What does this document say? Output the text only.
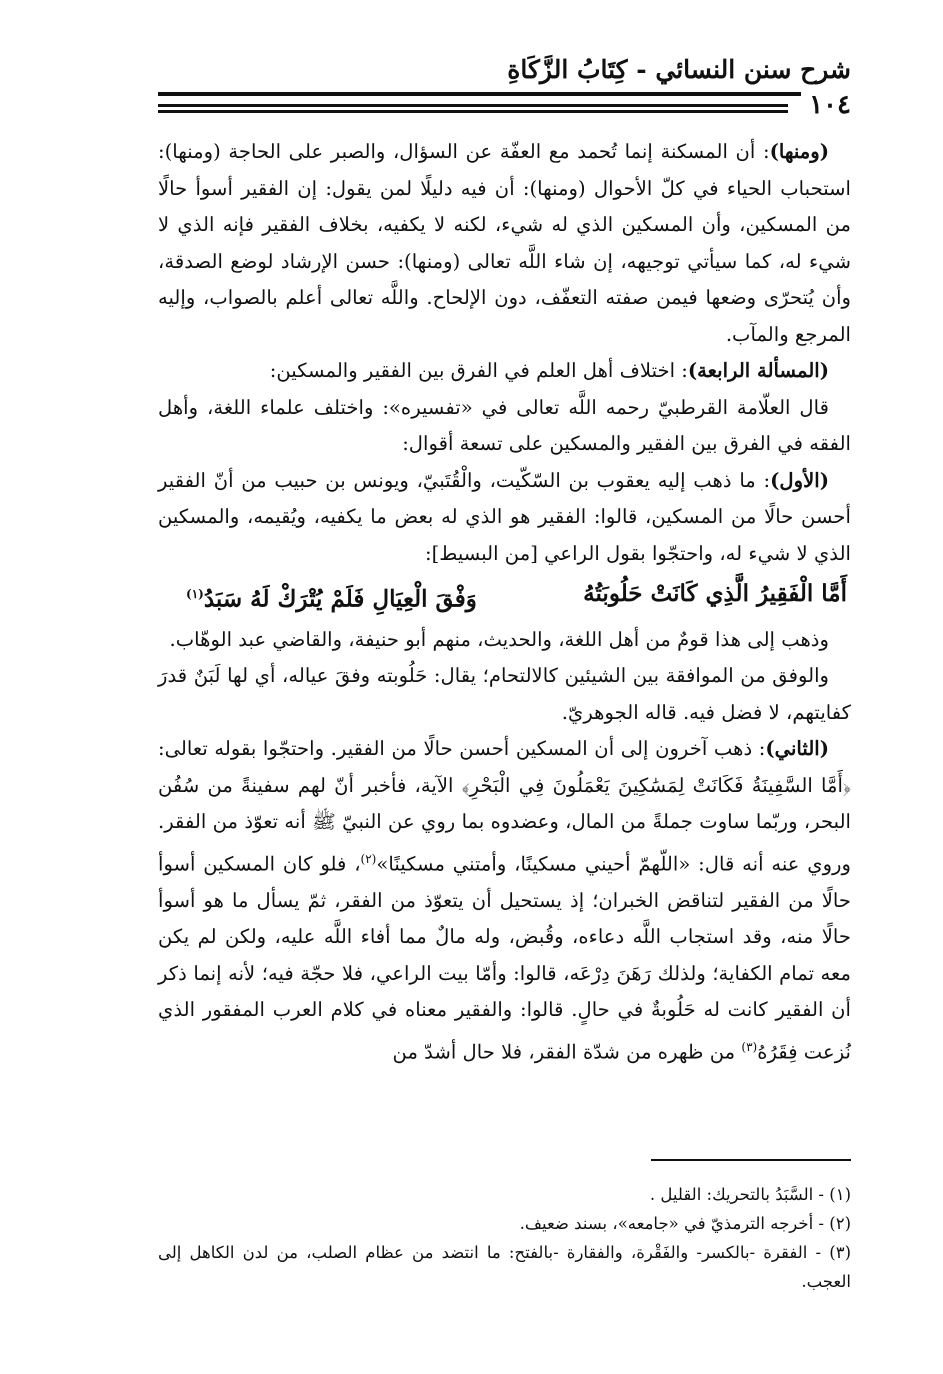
شرح سنن النسائي - كِتَابُ الزَّكَاةِ
١٠٤

(ومنها): أن المسكنة إنما تُحمد مع العفّة عن السؤال، والصبر على الحاجة (ومنها): استحباب الحياء في كلّ الأحوال (ومنها): أن فيه دليلًا لمن يقول: إن الفقير أسوأ حالًا من المسكين، وأن المسكين الذي له شيء، لكنه لا يكفيه، بخلاف الفقير فإنه الذي لا شيء له، كما سيأتي توجيهه، إن شاء اللَّه تعالى (ومنها): حسن الإرشاد لوضع الصدقة، وأن يُتحرّى وضعها فيمن صفته التعفّف، دون الإلحاح. واللَّه تعالى أعلم بالصواب، وإليه المرجع والمآب.

(المسألة الرابعة): اختلاف أهل العلم في الفرق بين الفقير والمسكين:

قال العلّامة القرطبيّ رحمه اللَّه تعالى في «تفسيره»: واختلف علماء اللغة، وأهل الفقه في الفرق بين الفقير والمسكين على تسعة أقوال:

(الأول): ما ذهب إليه يعقوب بن السّكّيت، والْقُتَبيّ، ويونس بن حبيب من أنّ الفقير أحسن حالًا من المسكين، قالوا: الفقير هو الذي له بعض ما يكفيه، ويُقيمه، والمسكين الذي لا شيء له، واحتجّوا بقول الراعي [من البسيط]:

أَمَّا الْفَقِيرُ الَّذِي كَانَتْ حَلُوبَتُهُ
وَفْقَ الْعِيَالِ فَلَمْ يُتْرَكْ لَهُ سَبَدُ$^{(١)}$

وذهب إلى هذا قومٌ من أهل اللغة، والحديث، منهم أبو حنيفة، والقاضي عبد الوهّاب.

والوفق من الموافقة بين الشيئين كالالتحام؛ يقال: حَلُوبته وفقَ عياله، أي لها لَبَنٌ قدرَ كفايتهم، لا فضل فيه. قاله الجوهريّ.

(الثاني): ذهب آخرون إلى أن المسكين أحسن حالًا من الفقير. واحتجّوا بقوله تعالى: ﴿أَمَّا السَّفِينَةُ فَكَانَتْ لِمَسَٰكِينَ يَعْمَلُونَ فِي الْبَحْرِ﴾ الآية، فأخبر أنّ لهم سفينةً من سُفُن البحر، وربّما ساوت جملةً من المال، وعضدوه بما روي عن النبيّ ﷺ أنه تعوّذ من الفقر. وروي عنه أنه قال: «اللّهمّ أحيني مسكينًا، وأمتني مسكينًا»$^{(٢)}$، فلو كان المسكين أسوأ حالًا من الفقير لتناقض الخبران؛ إذ يستحيل أن يتعوّذ من الفقر، ثمّ يسأل ما هو أسوأ حالًا منه، وقد استجاب اللَّه دعاءه، وقُبض، وله مالٌ مما أفاء اللَّه عليه، ولكن لم يكن معه تمام الكفاية؛ ولذلك رَهَنَ دِرْعَه، قالوا: وأمّا بيت الراعي، فلا حجّة فيه؛ لأنه إنما ذكر أن الفقير كانت له حَلُوبةٌ في حالٍ. قالوا: والفقير معناه في كلام العرب المفقور الذي نُزعت فِقَرُهُ$^{(٣)}$ من ظهره من شدّة الفقر، فلا حال أشدّ من

(١) - السَّبَدُ بالتحريك: القليل .

(٢) - أخرجه الترمذيّ في «جامعه»، بسند ضعيف.

(٣) - الفقرة -بالكسر- والفَقْرة، والفقارة -بالفتح: ما انتضد من عظام الصلب، من لدن الكاهل إلى العجب.
